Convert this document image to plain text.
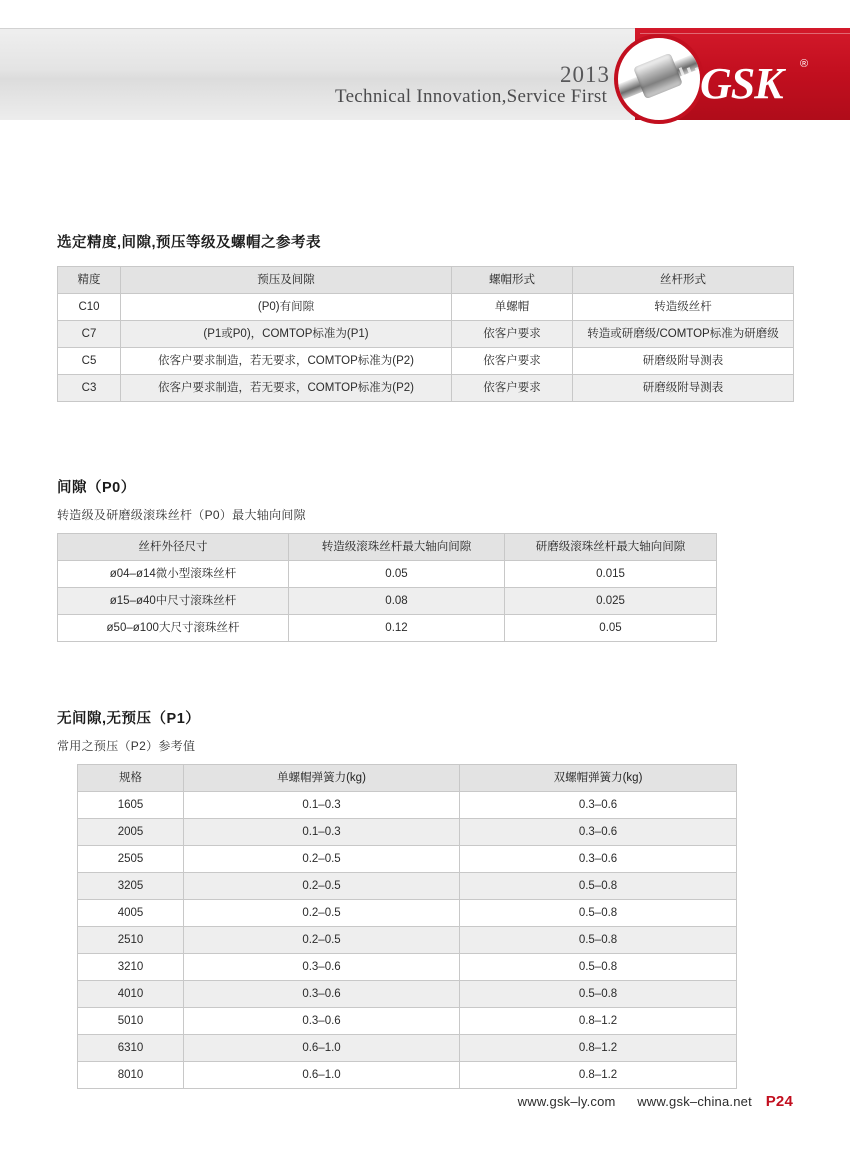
2013
Technical Innovation,Service First GSK ®
选定精度,间隙,预压等级及螺帽之参考表
精度	预压及间隙	螺帽形式	丝杆形式
C10	(P0)有间隙	单螺帽	转造级丝杆
C7	(P1或P0)，COMTOP标准为(P1)	依客户要求	转造或研磨级/COMTOP标准为研磨级
C5	依客户要求制造，若无要求，COMTOP标准为(P2)	依客户要求	研磨级附导测表
C3	依客户要求制造，若无要求，COMTOP标准为(P2)	依客户要求	研磨级附导测表
间隙（P0）
转造级及研磨级滚珠丝杆（P0）最大轴向间隙
丝杆外径尺寸	转造级滚珠丝杆最大轴向间隙	研磨级滚珠丝杆最大轴向间隙
ø04–ø14微小型滚珠丝杆	0.05	0.015
ø15–ø40中尺寸滚珠丝杆	0.08	0.025
ø50–ø100大尺寸滚珠丝杆	0.12	0.05
无间隙,无预压（P1）
常用之预压（P2）参考值
规格	单螺帽弹簧力(kg)	双螺帽弹簧力(kg)
1605	0.1–0.3	0.3–0.6
2005	0.1–0.3	0.3–0.6
2505	0.2–0.5	0.3–0.6
3205	0.2–0.5	0.5–0.8
4005	0.2–0.5	0.5–0.8
2510	0.2–0.5	0.5–0.8
3210	0.3–0.6	0.5–0.8
4010	0.3–0.6	0.5–0.8
5010	0.3–0.6	0.8–1.2
6310	0.6–1.0	0.8–1.2
8010	0.6–1.0	0.8–1.2
www.gsk–ly.com www.gsk–china.net P24
